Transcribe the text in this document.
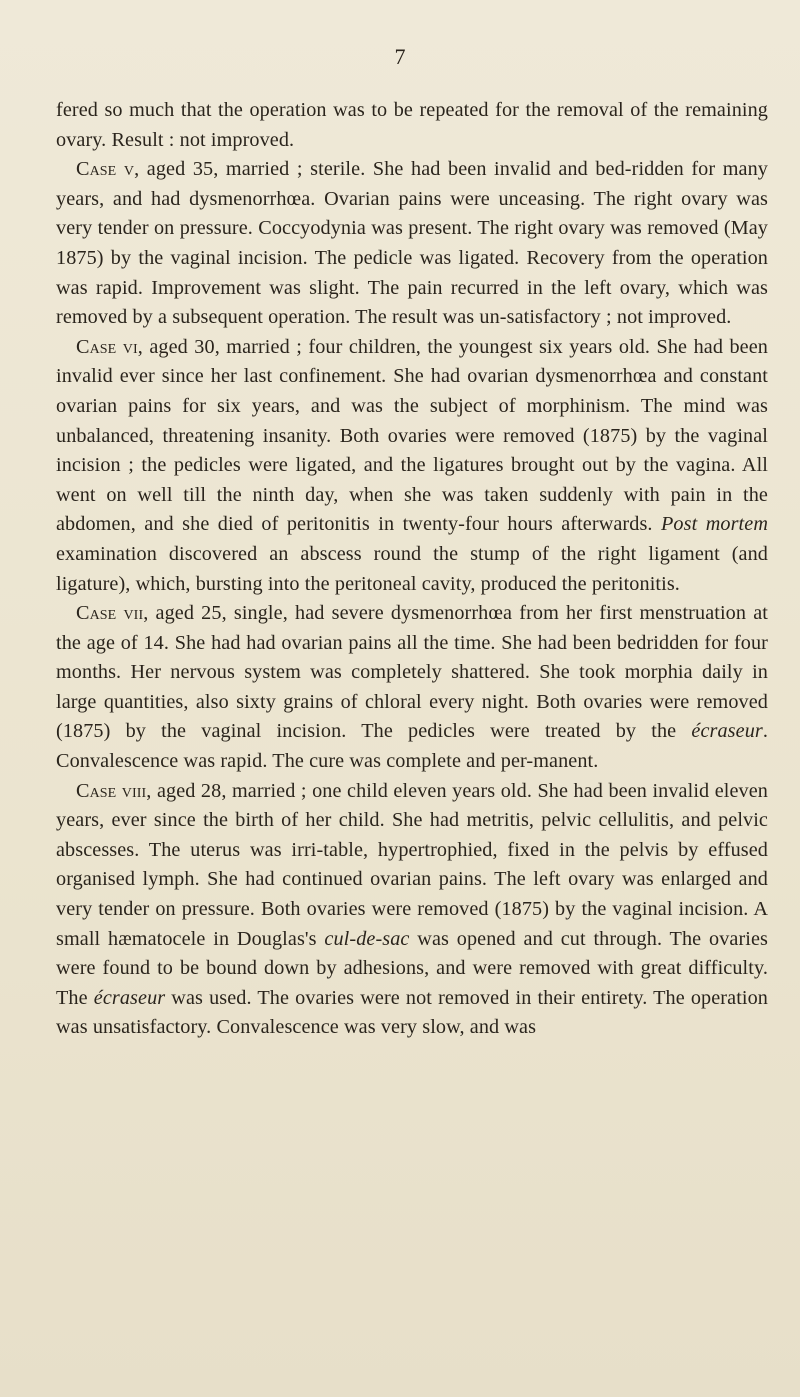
7

fered so much that the operation was to be repeated for the removal of the remaining ovary. Result : not improved.

Case v, aged 35, married ; sterile. She had been invalid and bed-ridden for many years, and had dysmenorrhœa. Ovarian pains were unceasing. The right ovary was very tender on pressure. Coccyodynia was present. The right ovary was removed (May 1875) by the vaginal incision. The pedicle was ligated. Recovery from the operation was rapid. Improvement was slight. The pain recurred in the left ovary, which was removed by a subsequent operation. The result was un-satisfactory ; not improved.

Case vi, aged 30, married ; four children, the youngest six years old. She had been invalid ever since her last confinement. She had ovarian dysmenorrhœa and constant ovarian pains for six years, and was the subject of morphinism. The mind was unbalanced, threatening insanity. Both ovaries were removed (1875) by the vaginal incision ; the pedicles were ligated, and the ligatures brought out by the vagina. All went on well till the ninth day, when she was taken suddenly with pain in the abdomen, and she died of peritonitis in twenty-four hours afterwards. Post mortem examination discovered an abscess round the stump of the right ligament (and ligature), which, bursting into the peritoneal cavity, produced the peritonitis.

Case vii, aged 25, single, had severe dysmenorrhœa from her first menstruation at the age of 14. She had had ovarian pains all the time. She had been bedridden for four months. Her nervous system was completely shattered. She took morphia daily in large quantities, also sixty grains of chloral every night. Both ovaries were removed (1875) by the vaginal incision. The pedicles were treated by the écraseur. Convalescence was rapid. The cure was complete and per-manent.

Case viii, aged 28, married ; one child eleven years old. She had been invalid eleven years, ever since the birth of her child. She had metritis, pelvic cellulitis, and pelvic abscesses. The uterus was irri-table, hypertrophied, fixed in the pelvis by effused organised lymph. She had continued ovarian pains. The left ovary was enlarged and very tender on pressure. Both ovaries were removed (1875) by the vaginal incision. A small hæmatocele in Douglas's cul-de-sac was opened and cut through. The ovaries were found to be bound down by adhesions, and were removed with great difficulty. The écraseur was used. The ovaries were not removed in their entirety. The operation was unsatisfactory. Convalescence was very slow, and was
